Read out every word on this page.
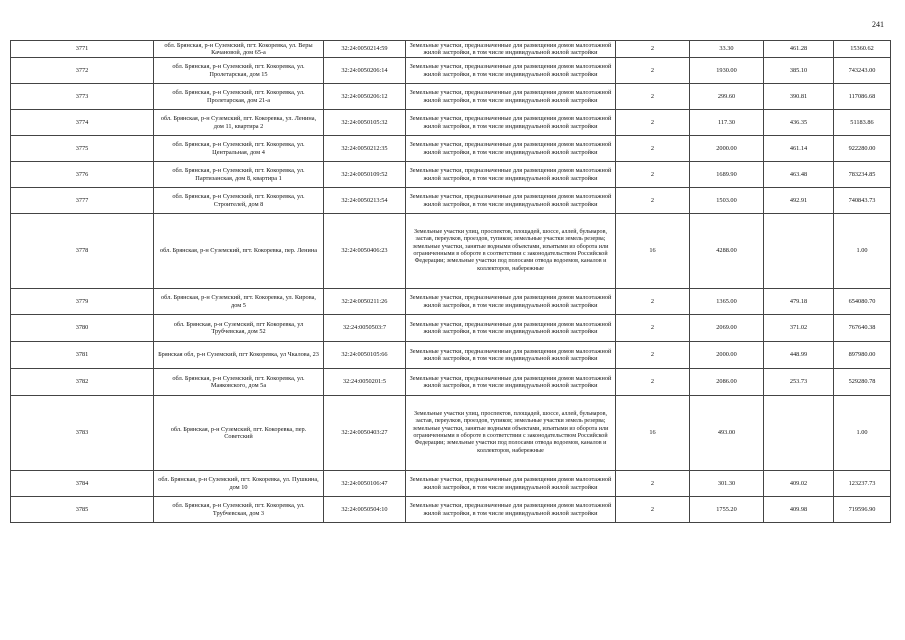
241
3771	обл. Брянская, р-н Суземский, пгт. Кокоревка, ул. Веры Качановой, дом 65-а	32:24:0050214:59	Земельные участки, предназначенные для размещения домов малоэтажной жилой застройки, в том числе индивидуальной жилой застройки	2	33.30	461.28	15360.62
3772	обл. Брянская, р-н Суземский, пгт. Кокоревка, ул. Пролетарская, дом 15	32:24:0050206:14	Земельные участки, предназначенные для размещения домов малоэтажной жилой застройки, в том числе индивидуальной жилой застройки	2	1930.00	385.10	743243.00
3773	обл. Брянская, р-н Суземский, пгт. Кокоревка, ул. Пролетарская, дом 21-а	32:24:0050206:12	Земельные участки, предназначенные для размещения домов малоэтажной жилой застройки, в том числе индивидуальной жилой застройки	2	299.60	390.81	117086.68
3774	обл. Брянская, р-н Суземский, пгт. Кокоревка, ул. Ленина, дом 11, квартира 2	32:24:0050105:32	Земельные участки, предназначенные для размещения домов малоэтажной жилой застройки, в том числе индивидуальной жилой застройки	2	117.30	436.35	51183.86
3775	обл. Брянская, р-н Суземский, пгт. Кокоревка, ул. Центральная, дом 4	32:24:0050212:35	Земельные участки, предназначенные для размещения домов малоэтажной жилой застройки, в том числе индивидуальной жилой застройки	2	2000.00	461.14	922280.00
3776	обл. Брянская, р-н Суземский, пгт. Кокоревка, ул. Партизанская, дом 8, квартира 1	32:24:0050109:52	Земельные участки, предназначенные для размещения домов малоэтажной жилой застройки, в том числе индивидуальной жилой застройки	2	1689.90	463.48	783234.85
3777	обл. Брянская, р-н Суземский, пгт. Кокоревка, ул. Строителей, дом 8	32:24:0050213:54	Земельные участки, предназначенные для размещения домов малоэтажной жилой застройки, в том числе индивидуальной жилой застройки	2	1503.00	492.91	740843.73
3778	обл. Брянская, р-н Суземский, пгт. Кокоревка, пер. Ленина	32:24:0050406:23	Земельные участки улиц, проспектов, площадей, шоссе, аллей, бульваров, застав, переулков, проездов, тупиков; земельные участки земель резерва; земельные участки, занятые водными объектами, изъятыми из оборота или ограниченными в обороте в соответствии с законодательством Российской Федерации; земельные участки под полосами отвода водоемов, каналов и коллекторов, набережные	16	4288.00		1.00
3779	обл. Брянская, р-н Суземский, пгт. Кокоревка, ул. Кирова, дом 5	32:24:0050211:26	Земельные участки, предназначенные для размещения домов малоэтажной жилой застройки, в том числе индивидуальной жилой застройки	2	1365.00	479.18	654080.70
3780	обл. Брянская, р-н Суземский, пгт Кокоревка, ул Трубчевская, дом 52	32:24:0050503:7	Земельные участки, предназначенные для размещения домов малоэтажной жилой застройки, в том числе индивидуальной жилой застройки	2	2069.00	371.02	767640.38
3781	Брянская обл, р-н Суземский, пгт Кокоревка, ул Чкалова, 23	32:24:0050105:66	Земельные участки, предназначенные для размещения домов малоэтажной жилой застройки, в том числе индивидуальной жилой застройки	2	2000.00	448.99	897980.00
3782	обл. Брянская, р-н Суземский, пгт. Кокоревка, ул. Маяковского, дом 5а	32:24:0050201:5	Земельные участки, предназначенные для размещения домов малоэтажной жилой застройки, в том числе индивидуальной жилой застройки	2	2086.00	253.73	529280.78
3783	обл. Брянская, р-н Суземский, пгт. Кокоревка, пер. Советский	32:24:0050403:27	Земельные участки улиц, проспектов, площадей, шоссе, аллей, бульваров, застав, переулков, проездов, тупиков; земельные участки земель резерва; земельные участки, занятые водными объектами, изъятыми из оборота или ограниченными в обороте в соответствии с законодательством Российской Федерации; земельные участки под полосами отвода водоемов, каналов и коллекторов, набережные	16	493.00		1.00
3784	обл. Брянская, р-н Суземский, пгт. Кокоревка, ул. Пушкина, дом 10	32:24:0050106:47	Земельные участки, предназначенные для размещения домов малоэтажной жилой застройки, в том числе индивидуальной жилой застройки	2	301.30	409.02	123237.73
3785	обл. Брянская, р-н Суземский, пгт. Кокоревка, ул. Трубчевская, дом 3	32:24:0050504:10	Земельные участки, предназначенные для размещения домов малоэтажной жилой застройки, в том числе индивидуальной жилой застройки	2	1755.20	409.98	719596.90
